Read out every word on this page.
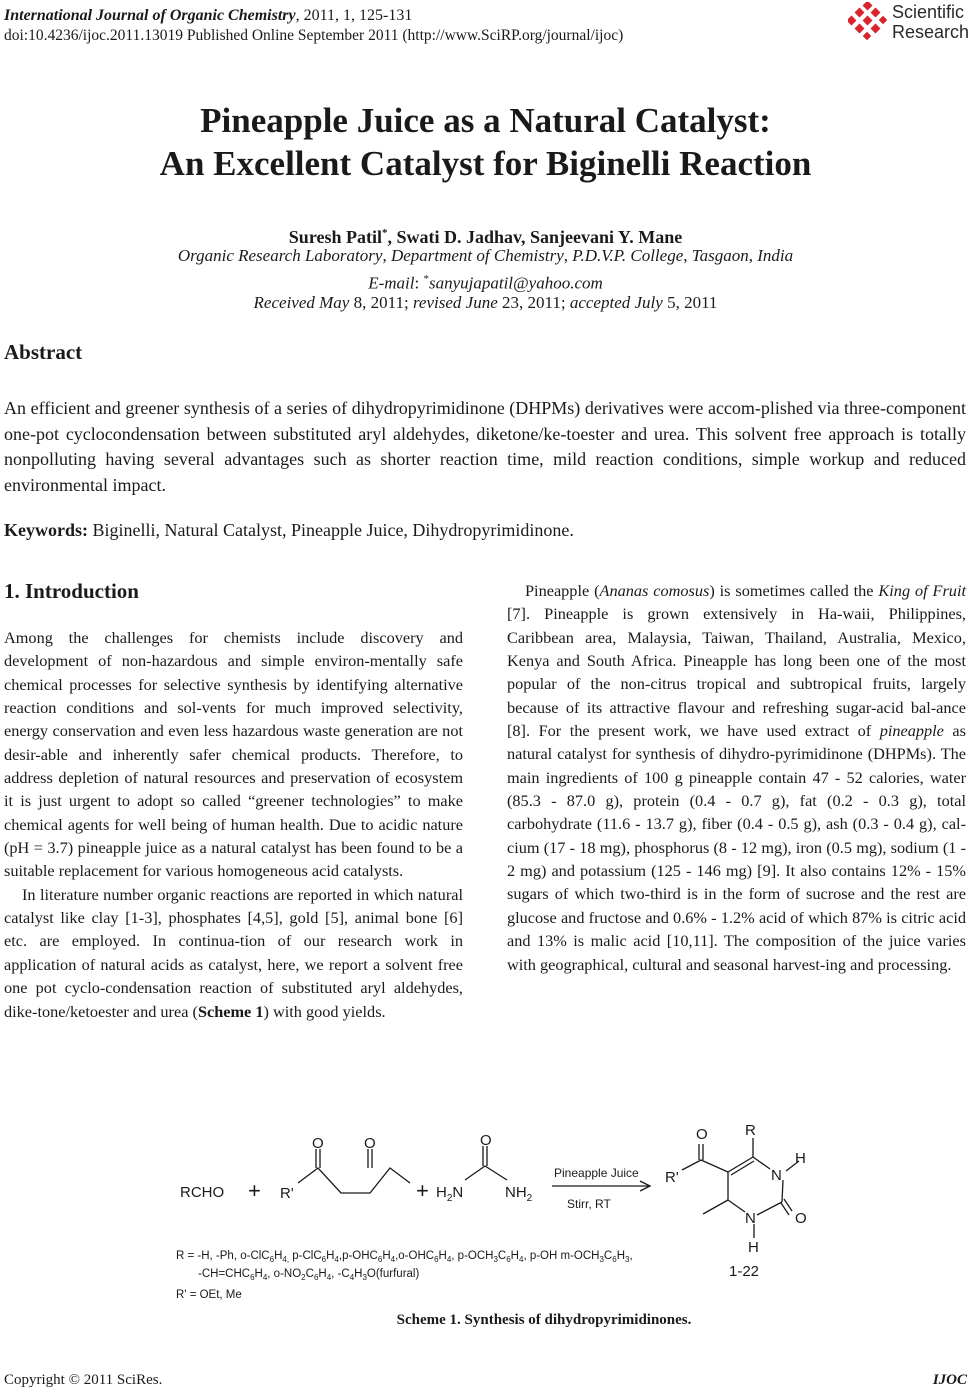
International Journal of Organic Chemistry, 2011, 1, 125-131
doi:10.4236/ijoc.2011.13019 Published Online September 2011 (http://www.SciRP.org/journal/ijoc)
Scientific
Research
Pineapple Juice as a Natural Catalyst:
An Excellent Catalyst for Biginelli Reaction
Suresh Patil*, Swati D. Jadhav, Sanjeevani Y. Mane
Organic Research Laboratory, Department of Chemistry, P.D.V.P. College, Tasgaon, India
E-mail: *sanyujapatil@yahoo.com
Received May 8, 2011; revised June 23, 2011; accepted July 5, 2011
Abstract
An efficient and greener synthesis of a series of dihydropyrimidinone (DHPMs) derivatives were accom-plished via three-component one-pot cyclocondensation between substituted aryl aldehydes, diketone/ke-toester and urea. This solvent free approach is totally nonpolluting having several advantages such as shorter reaction time, mild reaction conditions, simple workup and reduced environmental impact.
Keywords: Biginelli, Natural Catalyst, Pineapple Juice, Dihydropyrimidinone.
1. Introduction

Among the challenges for chemists include discovery and development of non-hazardous and simple environ-mentally safe chemical processes for selective synthesis by identifying alternative reaction conditions and sol-vents for much improved selectivity, energy conservation and even less hazardous waste generation are not desir-able and inherently safer chemical products. Therefore, to address depletion of natural resources and preservation of ecosystem it is just urgent to adopt so called “greener technologies” to make chemical agents for well being of human health. Due to acidic nature (pH = 3.7) pineapple juice as a natural catalyst has been found to be a suitable replacement for various homogeneous acid catalysts.

In literature number organic reactions are reported in which natural catalyst like clay [1-3], phosphates [4,5], gold [5], animal bone [6] etc. are employed. In continua-tion of our research work in application of natural acids as catalyst, here, we report a solvent free one pot cyclo-condensation reaction of substituted aryl aldehydes, dike-tone/ketoester and urea (Scheme 1) with good yields.

Pineapple (Ananas comosus) is sometimes called the King of Fruit [7]. Pineapple is grown extensively in Ha-waii, Philippines, Caribbean area, Malaysia, Taiwan, Thailand, Australia, Mexico, Kenya and South Africa. Pineapple has long been one of the most popular of the non-citrus tropical and subtropical fruits, largely because of its attractive flavour and refreshing sugar-acid bal-ance [8]. For the present work, we have used extract of pineapple as natural catalyst for synthesis of dihydro-pyrimidinone (DHPMs). The main ingredients of 100 g pineapple contain 47 - 52 calories, water (85.3 - 87.0 g), protein (0.4 - 0.7 g), fat (0.2 - 0.3 g), total carbohydrate (11.6 - 13.7 g), fiber (0.4 - 0.5 g), ash (0.3 - 0.4 g), cal-cium (17 - 18 mg), phosphorus (8 - 12 mg), iron (0.5 mg), sodium (1 - 2 mg) and potassium (125 - 146 mg) [9]. It also contains 12% - 15% sugars of which two-third is in the form of sucrose and the rest are glucose and fructose and 0.6% - 1.2% acid of which 87% is citric acid and 13% is malic acid [10,11]. The composition of the juice varies with geographical, cultural and seasonal harvest-ing and processing.

RCHO + R'
O	O
+ $H_2N$
O
$NH_2$
Pineapple Juice
Stirr, RT
R'
O R
N
H
O
N
H
1-22
R = -H, -Ph, $o-ClC_6H_{4,}$ $p-ClC_6H_4,p-OHC_6H_4,o-OHC_6H_4$, $p-OCH_3C_6H_4$, p-OH $m-OCH_3C_6H_3$,
$-CH=CHC_6H_4$, $o-NO_2C_6H_4$, $-C_4H_3O(furfural)$
R' = OEt, Me
Scheme 1. Synthesis of dihydropyrimidinones.
Copyright © 2011 SciRes.	IJOC
